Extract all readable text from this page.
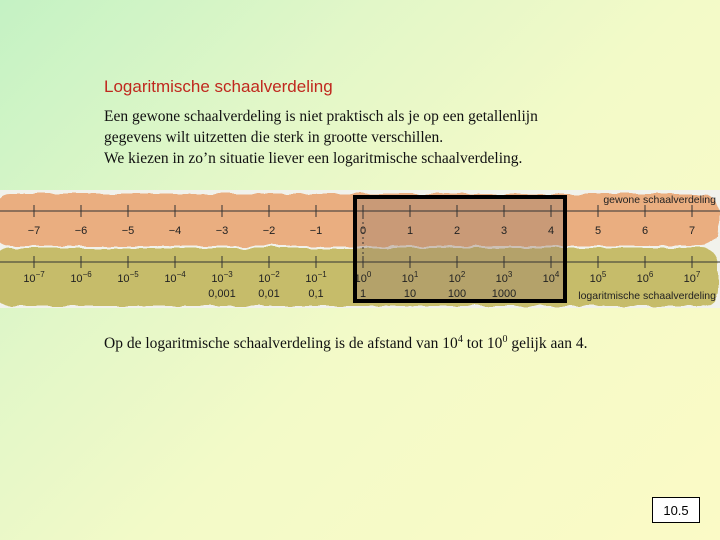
Logaritmische schaalverdeling
Een gewone schaalverdeling is niet praktisch als je op een getallenlijn
gegevens wilt uitzetten die sterk in grootte verschillen.
We kiezen in zo’n situatie liever een logaritmische schaalverdeling.
−7	−6	−5	−4	−3	−2	−1	0	1	2	3	4	5	6	7
$10^{-7}$ $10^{-6}$ $10^{-5}$ $10^{-4}$ $10^{-3}$
0,001
$10^{-2}$
0,01
$10^{-1}$
0,1
$10^0$
1
$10^1$
10
$10^2$
100
$10^3$
1000
$10^4$	$10^5$	$10^6$	$10^7$
gewone schaalverdeling
logaritmische schaalverdeling
Op de logaritmische schaalverdeling is de afstand van $10^4$ tot $10^0$ gelijk aan 4.
10.5
